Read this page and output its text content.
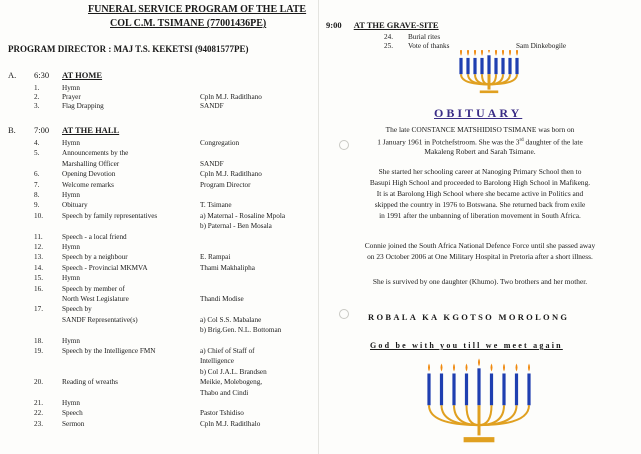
FUNERAL SERVICE PROGRAM OF THE LATE
COL C.M. TSIMANE (77001436PE)
PROGRAM DIRECTOR : MAJ T.S. KEKETSI (94081577PE)
A. 6:30 AT HOME
1.	Hymn
2.	Prayer	Cpln M.J. Raditlhano
3.	Flag Drapping	SANDF
B. 7:00 AT THE HALL
4.	Hymn	Congregation
5.	Announcements by the
Marshalling Officer	SANDF
6.	Opening Devotion	Cpln M.J. Raditlhano
7.	Welcome remarks	Program Director
8.	Hymn
9.	Obituary	T. Tsimane
10.	Speech by family representatives	a) Maternal - Rosaline Mpola
b) Paternal - Ben Mosala
11.	Speech - a local friend
12.	Hymn
13.	Speech by a neighbour	E. Rampai
14.	Speech - Provincial MKMVA	Thami Makhalipha
15.	Hymn
16.	Speech by member of
North West Legislature	Thandi Modise
17.	Speech by
SANDF Representative(s)	a) Col S.S. Mabalane
b) Brig.Gen. N.L. Bottoman
18.	Hymn
19.	Speech by the Intelligence FMN	a) Chief of Staff of
Intelligence
b) Col J.A.L. Brandsen
20.	Reading of wreaths	Meikie, Molebogeng,
Thabo and Cindi
21.	Hymn
22.	Speech	Pastor Tshidiso
23.	Sermon	Cpln M.J. Raditlhalo
9:00 AT THE GRAVE-SITE
24. Burial rites
25. Vote of thanks	Sam Dinkebogile
OBITUARY
The late CONSTANCE MATSHIDISO TSIMANE was born on
1 January 1961 in Potchefstroom. She was the 3rd daughter of the late
Makaleng Robert and Sarah Tsimane.
She started her schooling career at Nanoging Primary School then to
Basupi High School and proceeded to Barolong High School in Mafikeng.
It is at Barolong High School where she became active in Politics and
skipped the country in 1976 to Botswana. She returned back from exile
in 1991 after the unbanning of liberation movement in South Africa.
Connie joined the South Africa National Defence Force until she passed away
on 23 October 2006 at One Military Hospital in Pretoria after a short illness.
She is survived by one daughter (Khumo). Two brothers and her mother.
ROBALA KA KGOTSO MOROLONG
God be with you till we meet again
